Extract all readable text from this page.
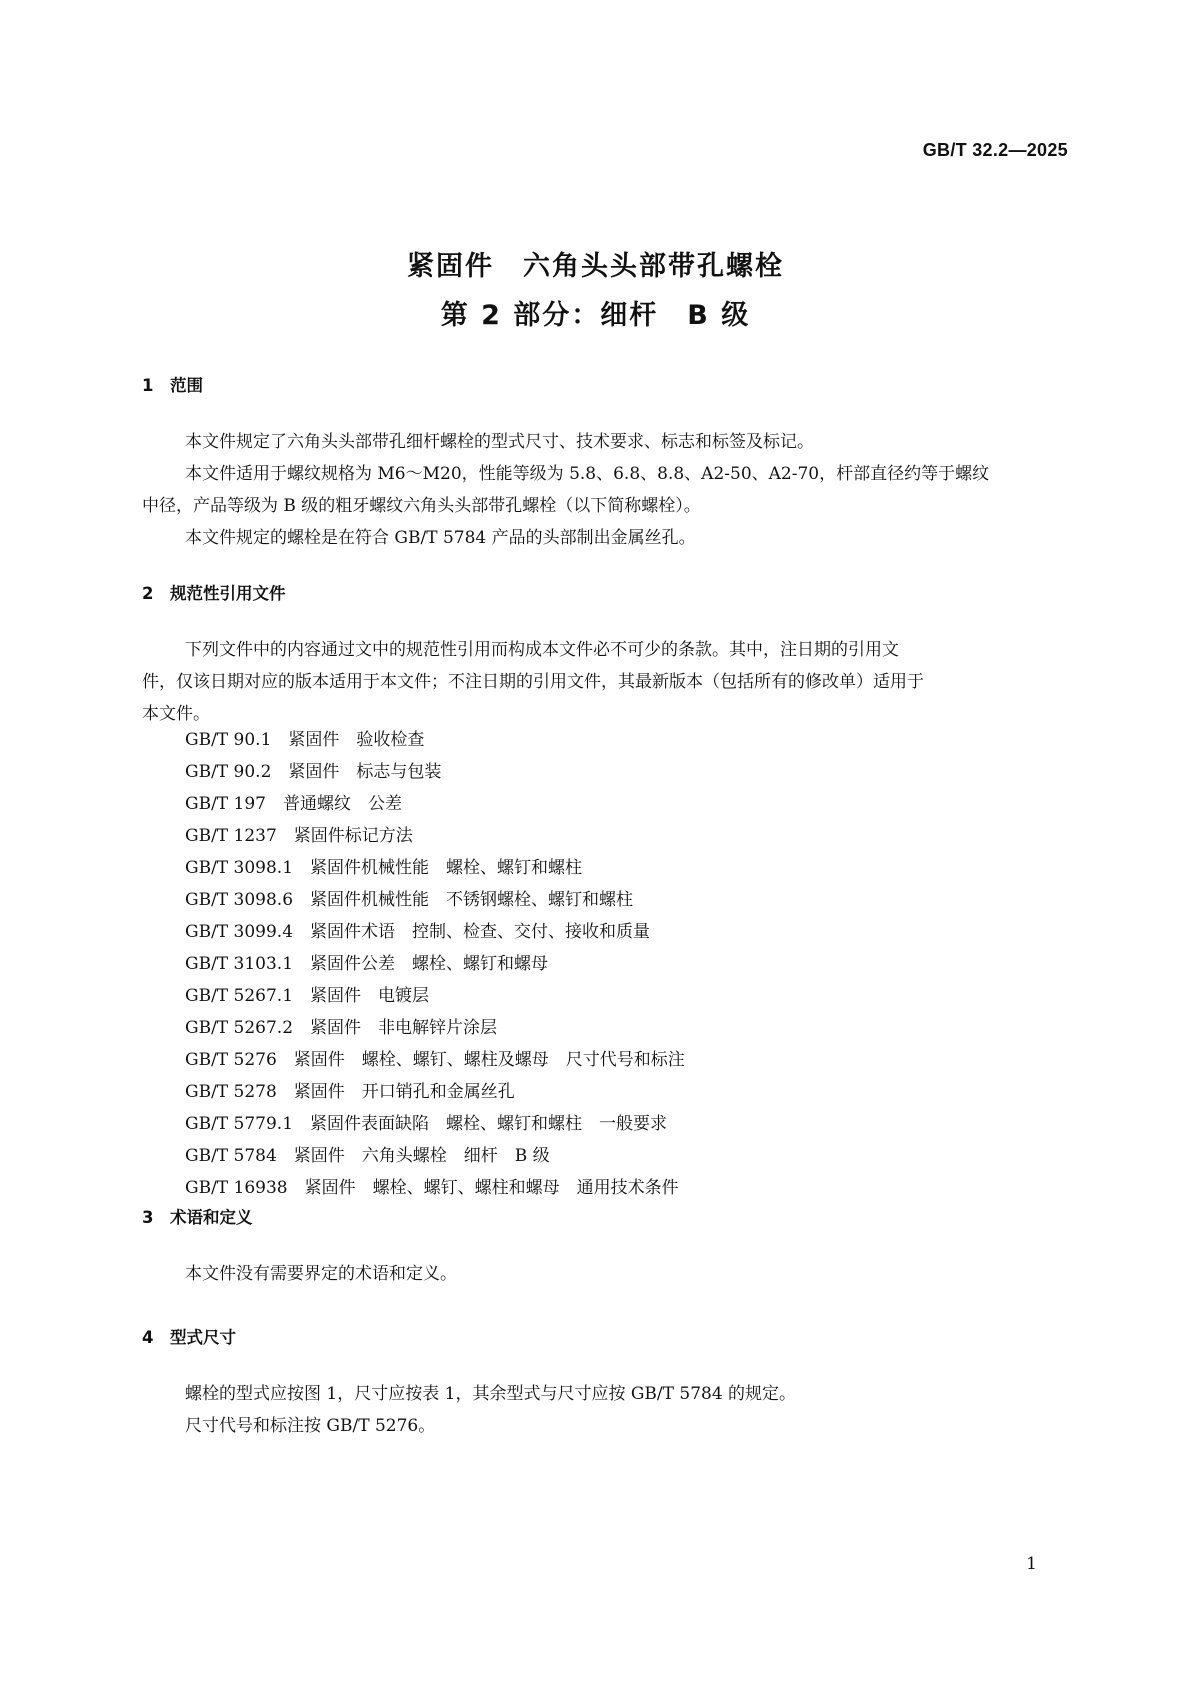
GB/T 32.2—2025
紧固件　六角头头部带孔螺栓
第 2 部分：细杆　B 级
1　范围
本文件规定了六角头头部带孔细杆螺栓的型式尺寸、技术要求、标志和标签及标记。
本文件适用于螺纹规格为 M6～M20，性能等级为 5.8、6.8、8.8、A2-50、A2-70，杆部直径约等于螺纹
中径，产品等级为 B 级的粗牙螺纹六角头头部带孔螺栓（以下简称螺栓）。
本文件规定的螺栓是在符合 GB/T 5784 产品的头部制出金属丝孔。
2　规范性引用文件
下列文件中的内容通过文中的规范性引用而构成本文件必不可少的条款。其中，注日期的引用文
件，仅该日期对应的版本适用于本文件；不注日期的引用文件，其最新版本（包括所有的修改单）适用于
本文件。
GB/T 90.1　紧固件　验收检查
GB/T 90.2　紧固件　标志与包装
GB/T 197　普通螺纹　公差
GB/T 1237　紧固件标记方法
GB/T 3098.1　紧固件机械性能　螺栓、螺钉和螺柱
GB/T 3098.6　紧固件机械性能　不锈钢螺栓、螺钉和螺柱
GB/T 3099.4　紧固件术语　控制、检查、交付、接收和质量
GB/T 3103.1　紧固件公差　螺栓、螺钉和螺母
GB/T 5267.1　紧固件　电镀层
GB/T 5267.2　紧固件　非电解锌片涂层
GB/T 5276　紧固件　螺栓、螺钉、螺柱及螺母　尺寸代号和标注
GB/T 5278　紧固件　开口销孔和金属丝孔
GB/T 5779.1　紧固件表面缺陷　螺栓、螺钉和螺柱　一般要求
GB/T 5784　紧固件　六角头螺栓　细杆　B 级
GB/T 16938　紧固件　螺栓、螺钉、螺柱和螺母　通用技术条件
3　术语和定义
本文件没有需要界定的术语和定义。
4　型式尺寸
螺栓的型式应按图 1，尺寸应按表 1，其余型式与尺寸应按 GB/T 5784 的规定。
尺寸代号和标注按 GB/T 5276。
1
